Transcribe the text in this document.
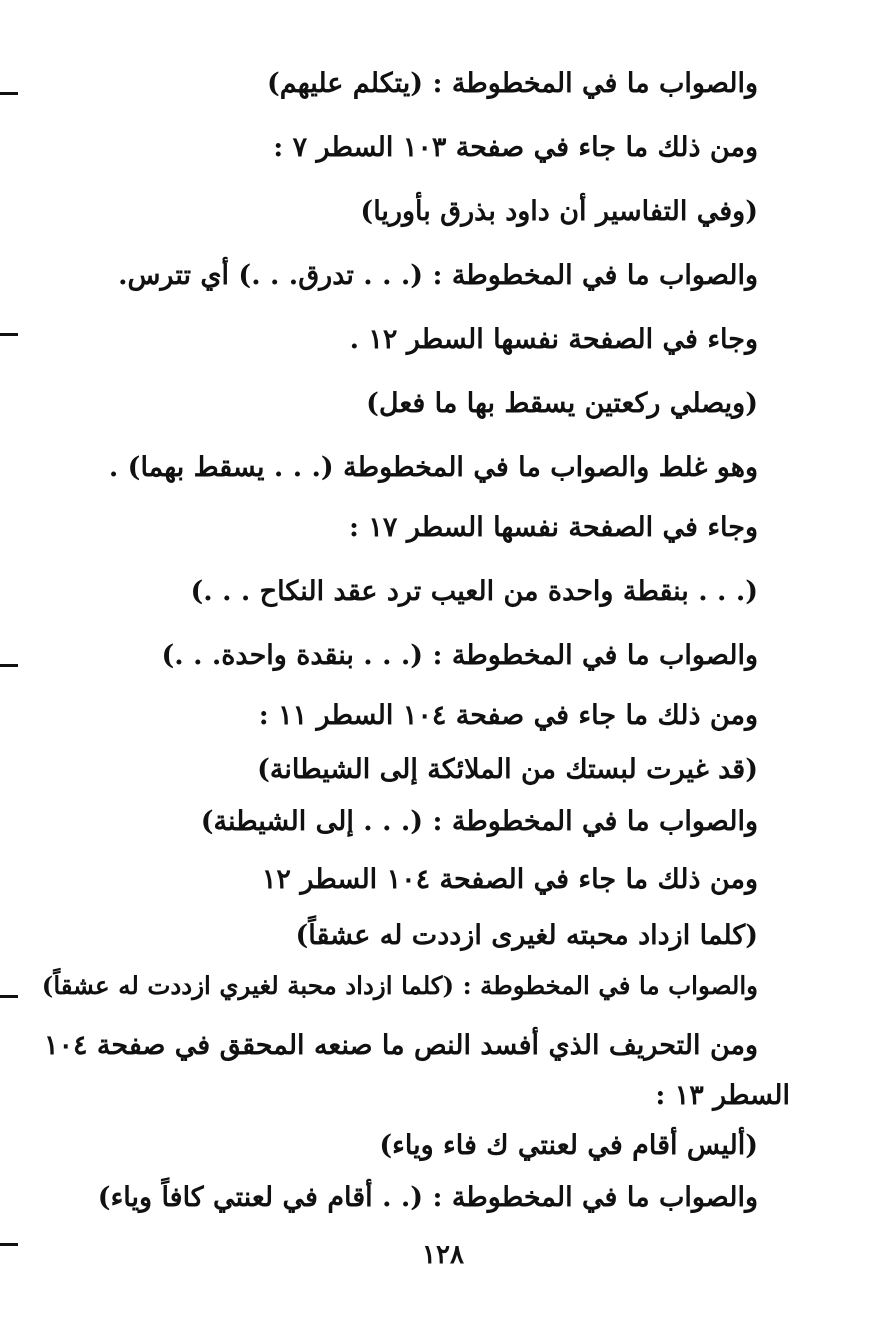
والصواب ما في المخطوطة : (يتكلم عليهم)
ومن ذلك ما جاء في صفحة ١٠٣ السطر ٧ :
(وفي التفاسير أن داود بذرق بأوريا)
والصواب ما في المخطوطة : (. . . تدرق. . .) أي تترس.
وجاء في الصفحة نفسها السطر ١٢ .
(ويصلي ركعتين يسقط بها ما فعل)
وهو غلط والصواب ما في المخطوطة (. . . يسقط بهما) .
وجاء في الصفحة نفسها السطر ١٧ :
(. . . بنقطة واحدة من العيب ترد عقد النكاح . . .)
والصواب ما في المخطوطة : (. . . بنقدة واحدة. . .)
ومن ذلك ما جاء في صفحة ١٠٤ السطر ١١ :
(قد غيرت لبستك من الملائكة إلى الشيطانة)
والصواب ما في المخطوطة : (. . . إلى الشيطنة)
ومن ذلك ما جاء في الصفحة ١٠٤ السطر ١٢
(كلما ازداد محبته لغيرى ازددت له عشقاً)
والصواب ما في المخطوطة : (كلما ازداد محبة لغيري ازددت له عشقاً)
ومن التحريف الذي أفسد النص ما صنعه المحقق في صفحة ١٠٤
السطر ١٣ :
(أليس أقام في لعنتي ك فاء وياء)
والصواب ما في المخطوطة : (. . أقام في لعنتي كافاً وياء)
١٢٨
